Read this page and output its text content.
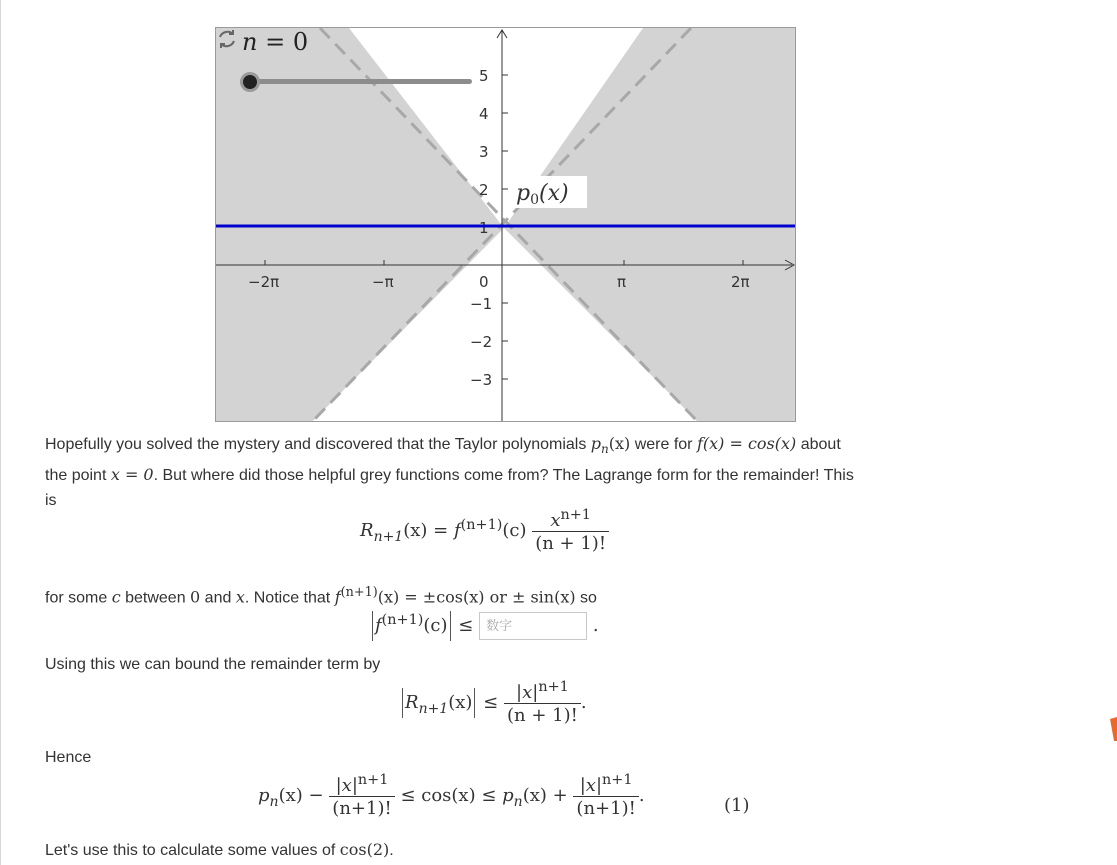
5
4
3
2
1
0
−1
−2
−3
−2π	−π	π	2π
p0(x)
n = 0
Hopefully you solved the mystery and discovered that the Taylor polynomials $p_n(x)$ were for f(x) = cos(x) about
the point x = 0. But where did those helpful grey functions come from? The Lagrange form for the remainder! This
is
$R_{n+1}(x) = f^{(n+1)}(c) \frac{x^{n+1}}{(n + 1)!}$
for some c between 0 and x. Notice that $f^{(n+1)}(x) = \pm\cos(x)$ or ± sin(x) so
$f^{(n+1)}(c)$ ≤ 数字	.
Using this we can bound the remainder term by
$R_{n+1}(x) \le \frac{|x|^{n+1}}{(n + 1)!}$ .
Hence
$p_n(x) - \frac{|x|^{n+1}}{(n+1)!} \le \cos(x) \le p_n(x) + \frac{|x|^{n+1}}{(n+1)!}$ .	(1)
Let's use this to calculate some values of cos(2).
